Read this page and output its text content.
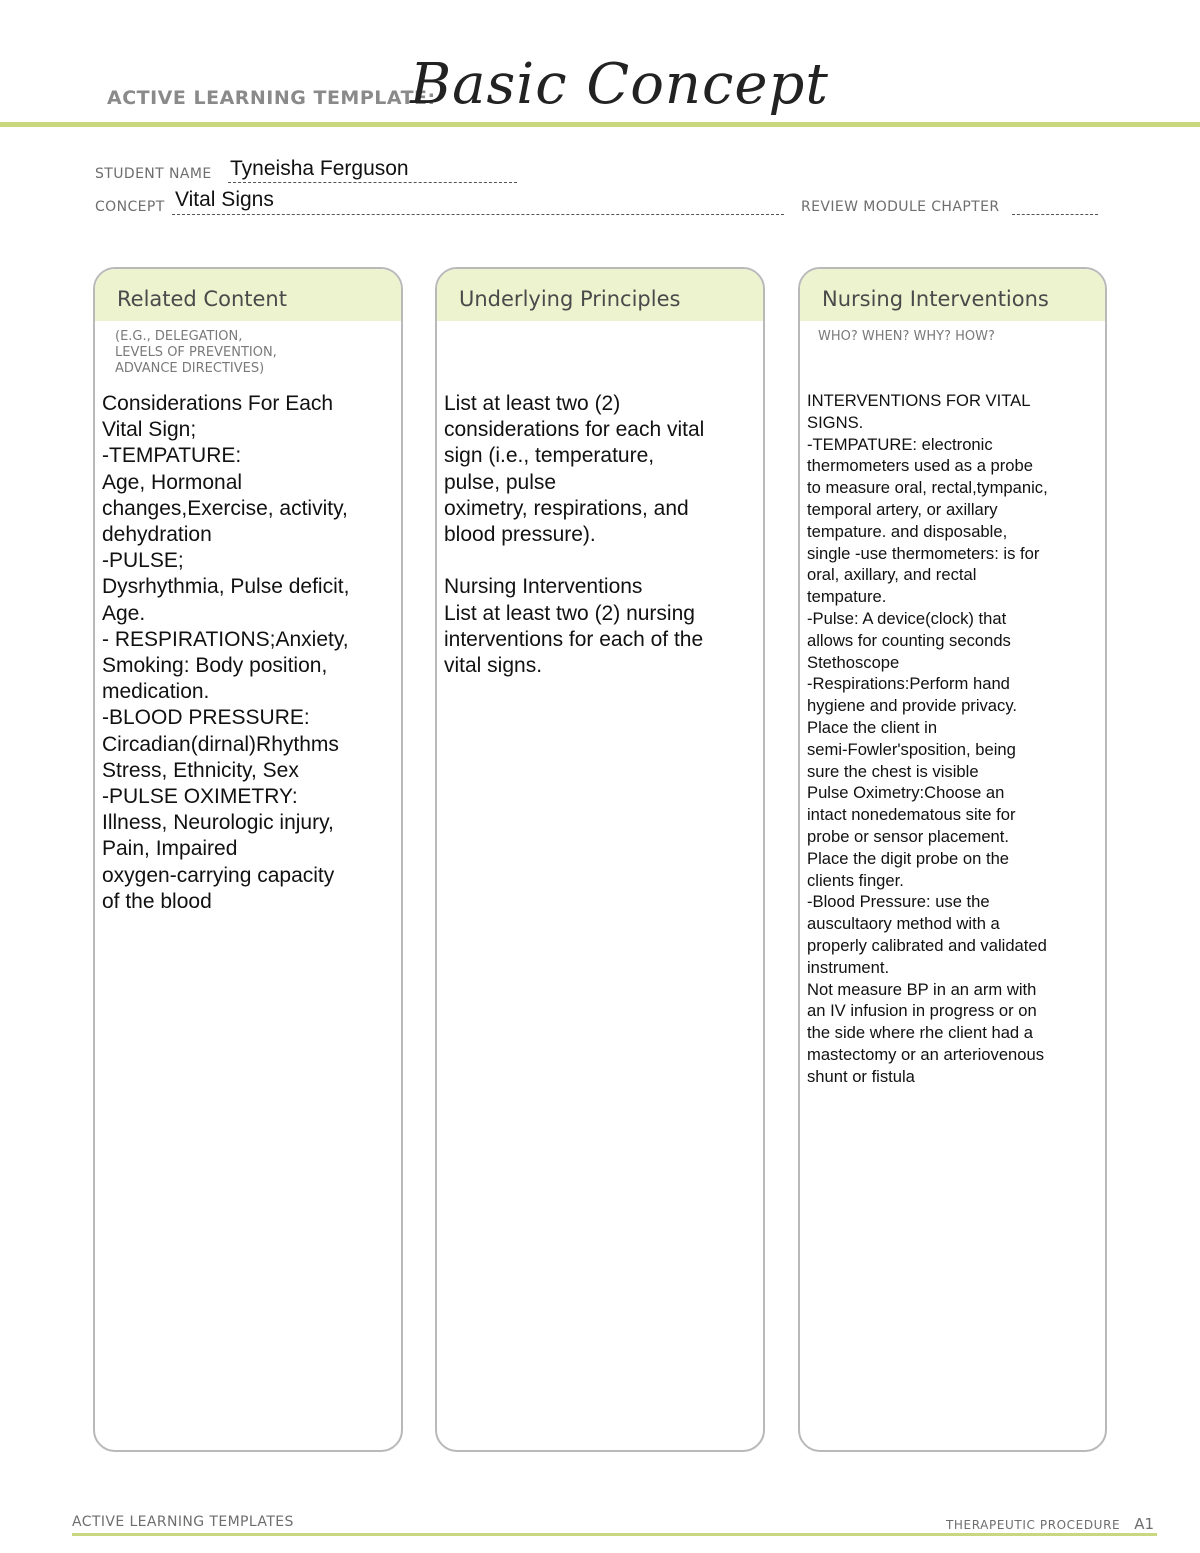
ACTIVE LEARNING TEMPLATE:
Basic Concept
STUDENT NAME Tyneisha Ferguson
CONCEPT Vital Signs	REVIEW MODULE CHAPTER
Related Content
(E.G., DELEGATION,
LEVELS OF PREVENTION,
ADVANCE DIRECTIVES)
Considerations For Each
Vital Sign;
-TEMPATURE:
Age, Hormonal
changes,Exercise, activity,
dehydration
-PULSE;
Dysrhythmia, Pulse deficit,
Age.
- RESPIRATIONS;Anxiety,
Smoking: Body position,
medication.
-BLOOD PRESSURE:
Circadian(dirnal)Rhythms
Stress, Ethnicity, Sex
-PULSE OXIMETRY:
Illness, Neurologic injury,
Pain, Impaired
oxygen-carrying capacity
of the blood
Underlying Principles
List at least two (2)
considerations for each vital
sign (i.e., temperature,
pulse, pulse
oximetry, respirations, and
blood pressure).

Nursing Interventions
List at least two (2) nursing
interventions for each of the
vital signs.
Nursing Interventions
WHO? WHEN? WHY? HOW?
INTERVENTIONS FOR VITAL
SIGNS.
-TEMPATURE: electronic
thermometers used as a probe
to measure oral, rectal,tympanic,
temporal artery, or axillary
tempature. and disposable,
single -use thermometers: is for
oral, axillary, and rectal
tempature.
-Pulse: A device(clock) that
allows for counting seconds
Stethoscope
-Respirations:Perform hand
hygiene and provide privacy.
Place the client in
semi-Fowler'sposition, being
sure the chest is visible
Pulse Oximetry:Choose an
intact nonedematous site for
probe or sensor placement.
Place the digit probe on the
clients finger.
-Blood Pressure: use the
auscultaory method with a
properly calibrated and validated
instrument.
Not measure BP in an arm with
an IV infusion in progress or on
the side where rhe client had a
mastectomy or an arteriovenous
shunt or fistula
ACTIVE LEARNING TEMPLATES	THERAPEUTIC PROCEDURE A1
